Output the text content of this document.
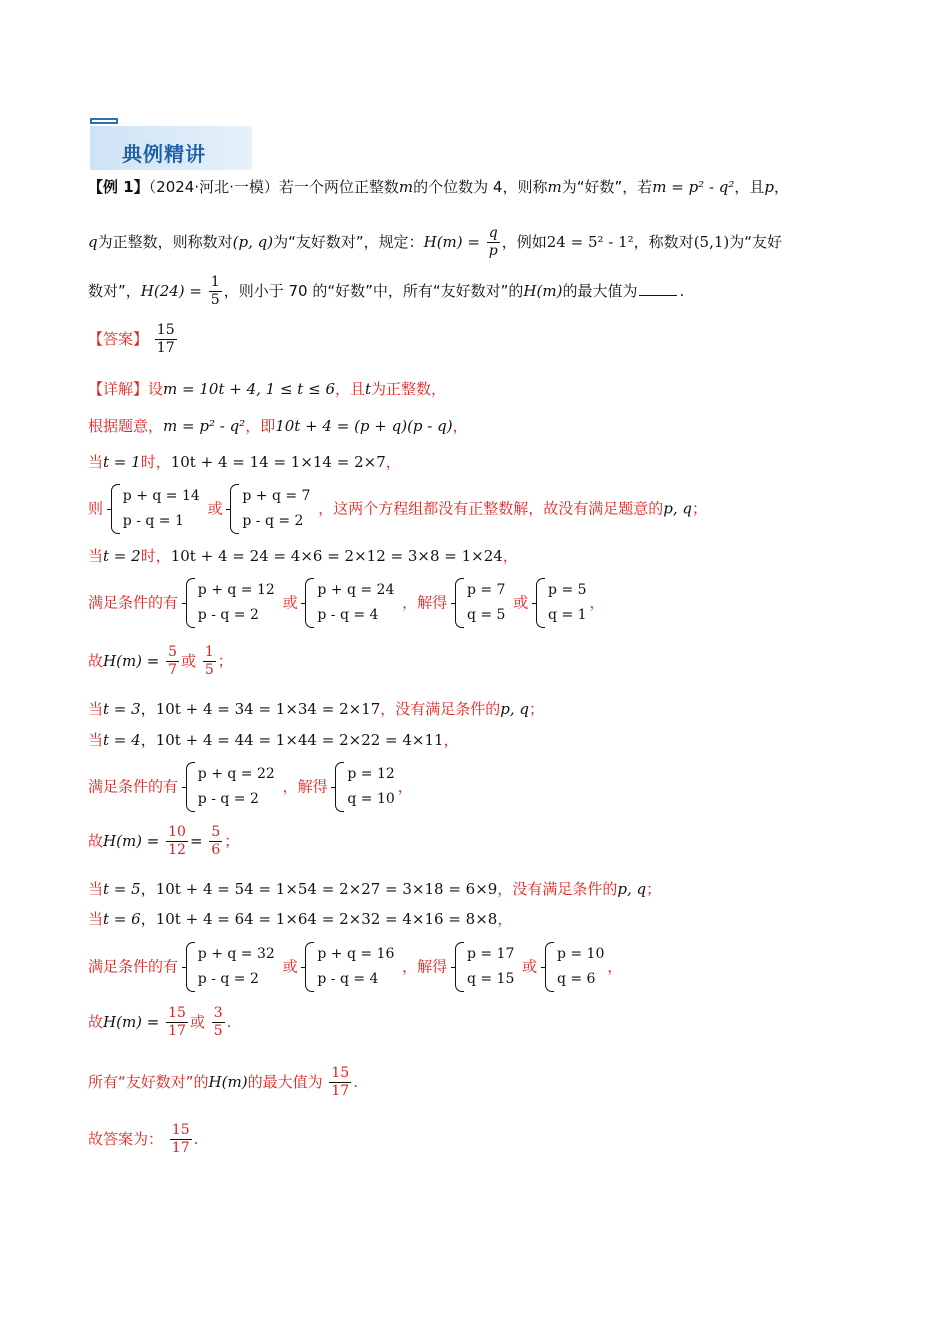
典例精讲
【例 1】（2024·河北·一模）若一个两位正整数m的个位数为 4，则称m为“好数”，若m = p² - q²，且p，
q为正整数，则称数对(p, q)为“友好数对”，规定：$H(m) = \frac{q}{p}$ ，例如24 = 5² - 1²，称数对(5,1)为“友好
数对”，$H(24) = \frac{1}{5}$ ，则小于 70 的“好数”中，所有“友好数对”的H(m)的最大值为	.
【答案】 $\frac{15}{17}$
【详解】设m = 10t + 4, 1 ≤ t ≤ 6，且t为正整数，
根据题意，m = p² - q²，即10t + 4 = (p + q)(p - q)，
当t = 1时，10t + 4 = 14 = 1×14 = 2×7，
则
p + q = 14
p - q = 1
或
p + q = 7
p - q = 2
，这两个方程组都没有正整数解，故没有满足题意的p, q；
当t = 2时，10t + 4 = 24 = 4×6 = 2×12 = 3×8 = 1×24，
满足条件的有
p + q = 12
p - q = 2
或
p + q = 24
p - q = 4
，解得
p = 7
q = 5
或
p = 5
q = 1
，
故$H(m) = \frac{5}{7}$ 或 $\frac{1}{5}$ ；
当t = 3，10t + 4 = 34 = 1×34 = 2×17，没有满足条件的p, q；
当t = 4，10t + 4 = 44 = 1×44 = 2×22 = 4×11，
满足条件的有
p + q = 22
p - q = 2
，解得
p = 12
q = 10
，
故$H(m) = \frac{10}{12} = \frac{5}{6}$ ；
当t = 5，10t + 4 = 54 = 1×54 = 2×27 = 3×18 = 6×9，没有满足条件的p, q；
当t = 6，10t + 4 = 64 = 1×64 = 2×32 = 4×16 = 8×8，
满足条件的有
p + q = 32
p - q = 2
或
p + q = 16
p - q = 4
，解得
p = 17
q = 15
或
p = 10
q = 6
，
故$H(m) = \frac{15}{17}$ 或 $\frac{3}{5}$ .
所有“友好数对”的H(m)的最大值为 $\frac{15}{17}$ .
故答案为： $\frac{15}{17}$ .
